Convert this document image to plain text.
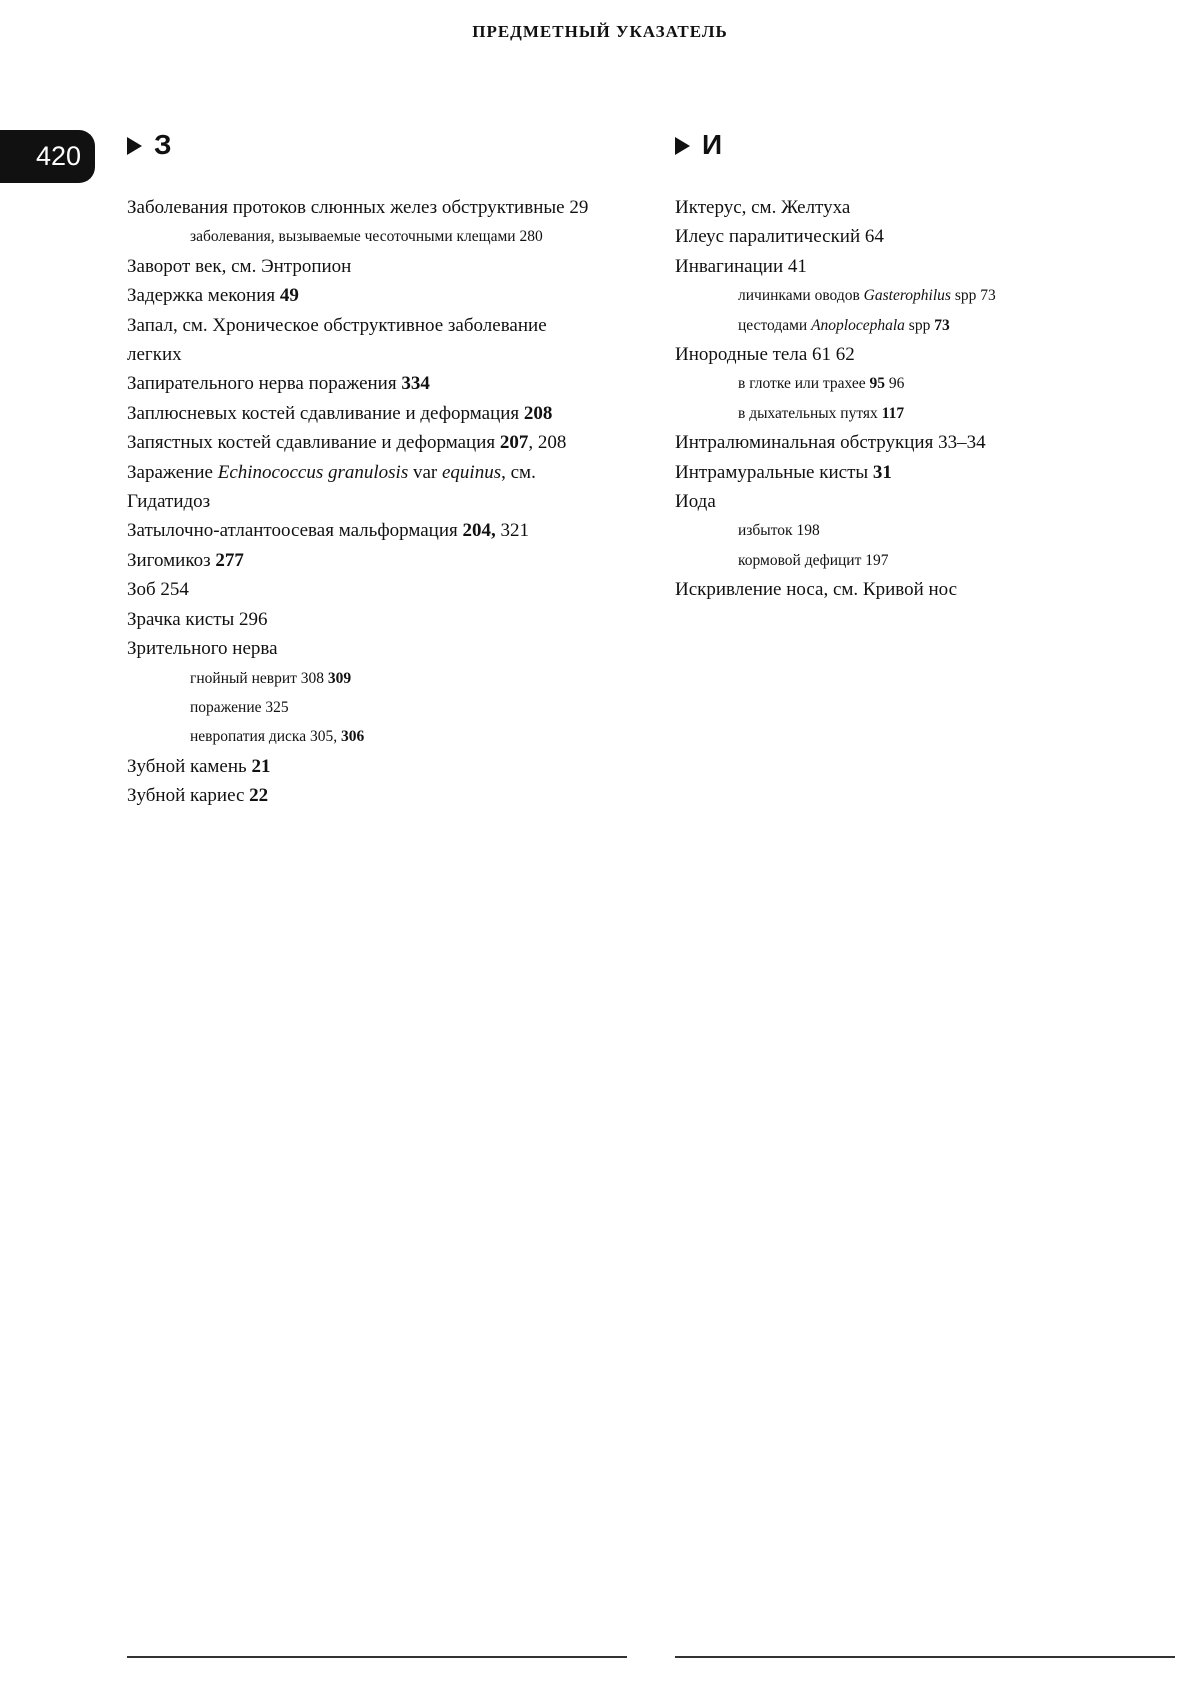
ПРЕДМЕТНЫЙ УКАЗАТЕЛЬ
420	З
Заболевания протоков слюнных желез обструктивные 29
заболевания, вызываемые чесоточными клещами 280
Заворот век, см. Энтропион
Задержка мекония 49
Запал, см. Хроническое обструктивное заболевание
легких
Запирательного нерва поражения 334
Заплюсневых костей сдавливание и деформация 208
Запястных костей сдавливание и деформация 207, 208
Заражение Echinococcus granulosis var equinus, см.
Гидатидоз
Затылочно-атлантоосевая мальформация 204, 321
Зигомикоз 277
Зоб 254
Зрачка кисты 296
Зрительного нерва
гнойный неврит 308 309
поражение 325
невропатия диска 305, 306
Зубной камень 21
Зубной кариес 22
И
Иктерус, см. Желтуха
Илеус паралитический 64
Инвагинации 41
личинками оводов Gasterophilus spp 73
цестодами Anoplocephala spp 73
Инородные тела 61 62
в глотке или трахее 95 96
в дыхательных путях 117
Интралюминальная обструкция 33–34
Интрамуральные кисты 31
Иода
избыток 198
кормовой дефицит 197
Искривление носа, см. Кривой нос
